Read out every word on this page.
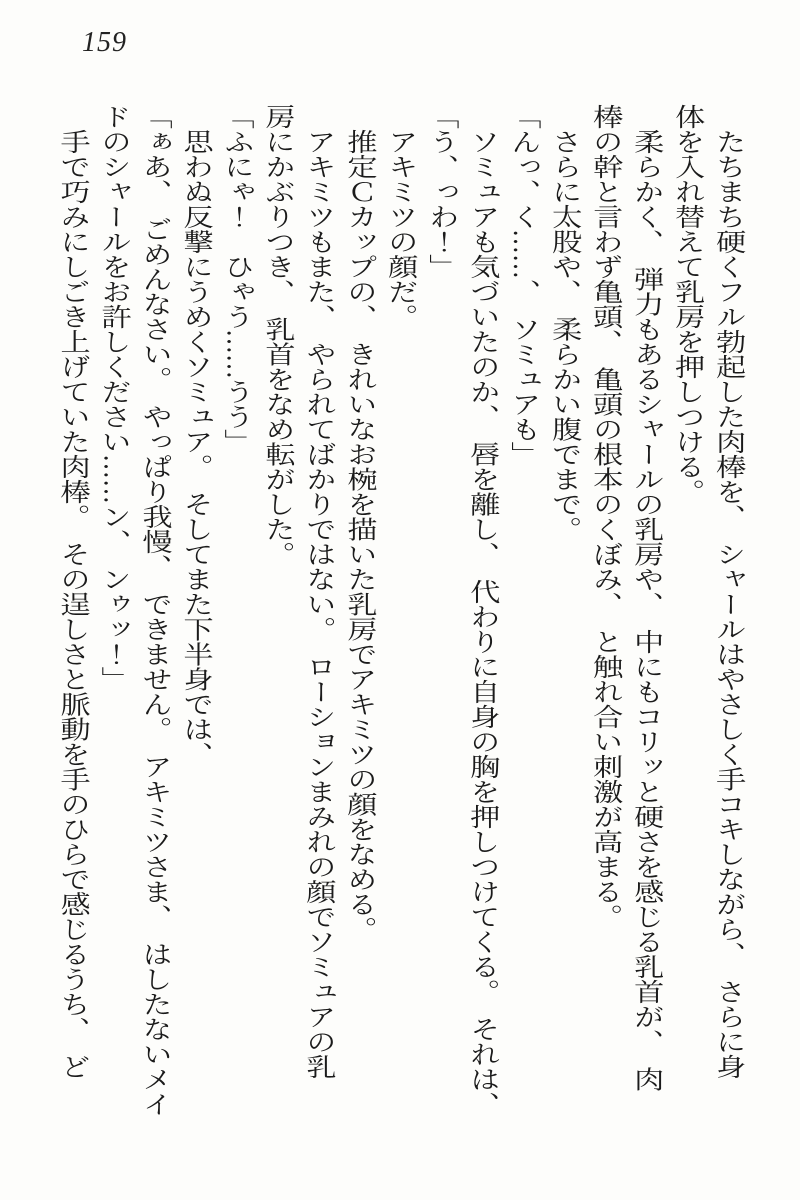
159
たちまち硬くフル勃起した肉棒を、　シャールはやさしく手コキしながら、　さらに身
体を入れ替えて乳房を押しつける。
柔らかく、　弾力もあるシャールの乳房や、　中にもコリッと硬さを感じる乳首が、　肉
棒の幹と言わず亀頭、　亀頭の根本のくぼみ、　と触れ合い刺激が高まる。
さらに太股や、　柔らかい腹でまで。
「んっ、く……、　ソミュアも」
ソミュアも気づいたのか、　唇を離し、　代わりに自身の胸を押しつけてくる。　それは、
「う、っわ！」
アキミツの顔だ。
推定Ｃカップの、　きれいなお椀を描いた乳房でアキミツの顔をなめる。
アキミツもまた、　やられてばかりではない。　ローションまみれの顔でソミュアの乳
房にかぶりつき、　乳首をなめ転がした。
「ふにゃ！　ひゃう……うう」
思わぬ反撃にうめくソミュア。　そしてまた下半身では、
「ぁあ、　ごめんなさい。　やっぱり我慢、　できません。　アキミツさま、　はしたないメイ
ドのシャールをお許しください……ン、　ンゥッ！」
手で巧みにしごき上げていた肉棒。　その逞しさと脈動を手のひらで感じるうち、　ど
